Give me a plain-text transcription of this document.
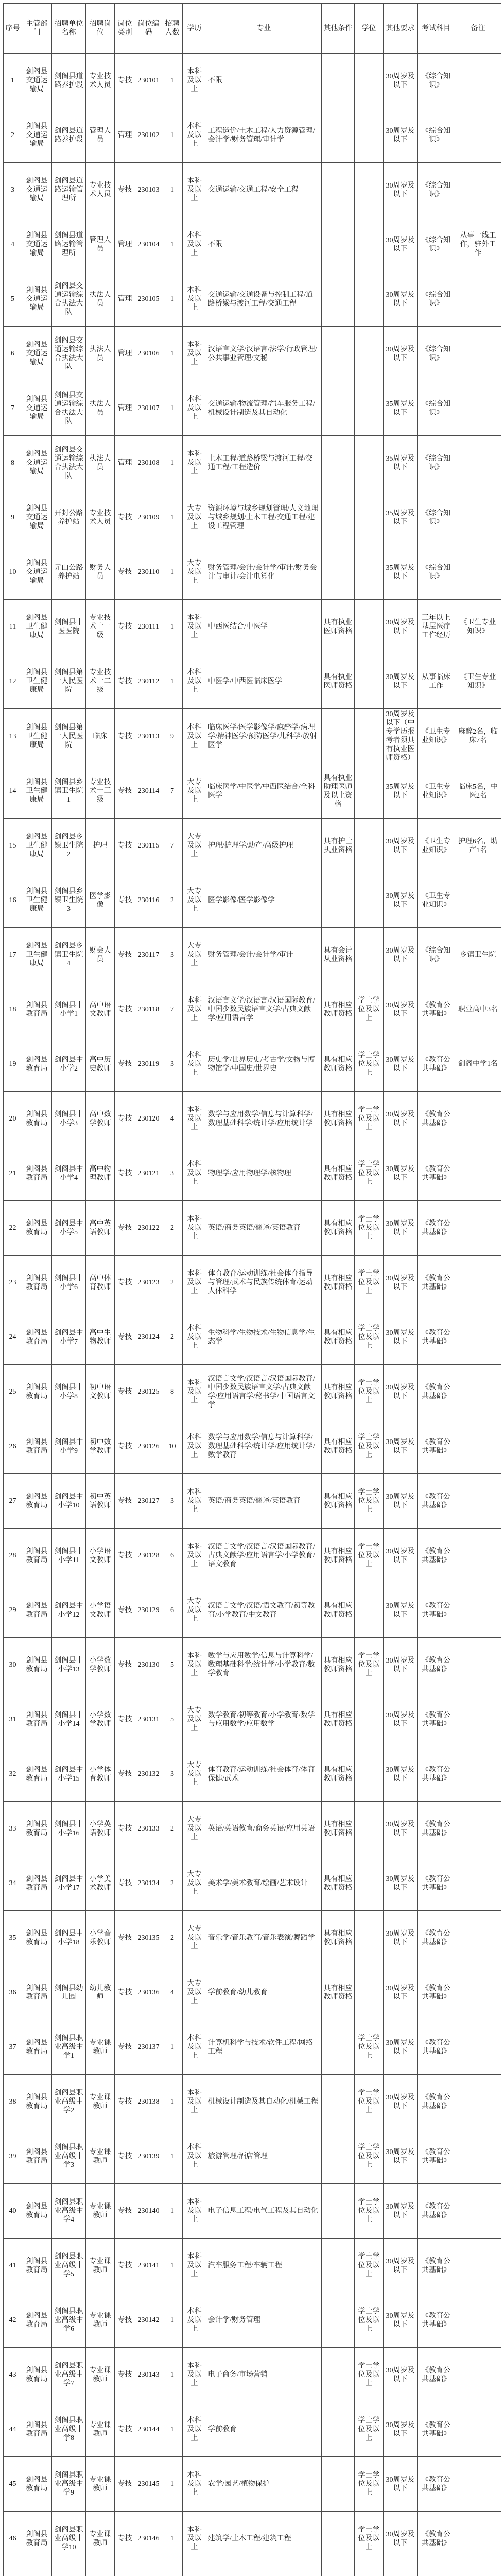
序号	主管部门	招聘单位名称	招聘岗位	岗位类别	岗位编码	招聘人数	学历	专业	其他条件	学位	其他要求	考试科目	备注
1	剑阁县交通运输局	剑阁县道路养护段	专业技术人员	专技	230101	1	本科及以上	不限			30周岁及以下	《综合知识》	
2	剑阁县交通运输局	剑阁县道路养护段	管理人员	管理	230102	1	本科及以上	工程造价/土木工程/人力资源管理/会计学/财务管理/审计学			30周岁及以下	《综合知识》	
3	剑阁县交通运输局	剑阁县道路运输管理所	专业技术人员	专技	230103	1	本科及以上	交通运输/交通工程/安全工程			30周岁及以下	《综合知识》	
4	剑阁县交通运输局	剑阁县道路运输管理所	管理人员	管理	230104	1	本科及以上	不限			30周岁及以下	《综合知识》	从事一线工作，驻外工作
5	剑阁县交通运输局	剑阁县交通运输综合执法大队	执法人员	管理	230105	1	本科及以上	交通运输/交通设备与控制工程/道路桥梁与渡河工程/交通工程			30周岁及以下	《综合知识》	
6	剑阁县交通运输局	剑阁县交通运输综合执法大队	执法人员	管理	230106	1	本科及以上	汉语言文学/汉语言/法学/行政管理/公共事业管理/文秘			30周岁及以下	《综合知识》	
7	剑阁县交通运输局	剑阁县交通运输综合执法大队	执法人员	管理	230107	1	本科及以上	交通运输/物流管理/汽车服务工程/机械设计制造及其自动化			35周岁及以下	《综合知识》	
8	剑阁县交通运输局	剑阁县交通运输综合执法大队	执法人员	管理	230108	1	本科及以上	土木工程/道路桥梁与渡河工程/交通工程/工程造价			35周岁及以下	《综合知识》	
9	剑阁县交通运输局	开封公路养护站	专业技术人员	专技	230109	1	大专及以上	资源环境与城乡规划管理/人文地理与城乡规划/土木工程/交通工程/建设工程管理			35周岁及以下	《综合知识》	
10	剑阁县交通运输局	元山公路养护站	财务人员	专技	230110	1	大专及以上	财务管理/会计/会计学/审计/财务会计与审计/会计电算化			35周岁及以下	《综合知识》	
11	剑阁县卫生健康局	剑阁县中医医院	专业技术十一级	专技	230111	1	本科及以上	中西医结合/中医学	具有执业医师资格		30周岁及以下	三年以上基层医疗工作经历	《卫生专业知识》
12	剑阁县卫生健康局	剑阁县第一人民医院	专业技术十二级	专技	230112	1	本科及以上	中医学/中西医临床医学	具有执业医师资格		30周岁及以下	从事临床工作	《卫生专业知识》
13	剑阁县卫生健康局	剑阁县第一人民医院	临床	专技	230113	9	本科及以上	临床医学/医学影像学/麻醉学/病理学/精神医学/预防医学/儿科学/放射医学			30周岁及以下（中专学历报考者须具有执业医师资格）	《卫生专业知识》	麻醉2名，临床7名
14	剑阁县卫生健康局	剑阁县乡镇卫生院1	专业技术十三级	专技	230114	7	大专及以上	临床医学/中医学/中西医结合/全科医学	具有执业助理医师及以上资格		35周岁及以下	《卫生专业知识》	临床5名，中医2名
15	剑阁县卫生健康局	剑阁县乡镇卫生院2	护理	专技	230115	7	大专及以上	护理/护理学/助产/高级护理	具有护士执业资格		30周岁及以下	《卫生专业知识》	护理6名，助产1名
16	剑阁县卫生健康局	剑阁县乡镇卫生院3	医学影像	专技	230116	2	大专及以上	医学影像/医学影像学			30周岁及以下	《卫生专业知识》	
17	剑阁县卫生健康局	剑阁县乡镇卫生院4	财会人员	专技	230117	3	大专及以上	财务管理/会计/会计学/审计	具有会计从业资格		30周岁及以下	《综合知识》	乡镇卫生院
18	剑阁县教育局	剑阁县中小学1	高中语文教师	专技	230118	7	本科及以上	汉语言文学/汉语言/汉语国际教育/中国少数民族语言文学/古典文献学/应用语言学	具有相应教师资格	学士学位及以上	30周岁及以下	《教育公共基础》	职业高中3名
19	剑阁县教育局	剑阁县中小学2	高中历史教师	专技	230119	3	本科及以上	历史学/世界历史/考古学/文物与博物馆学/中国史/世界史	具有相应教师资格	学士学位及以上	30周岁及以下	《教育公共基础》	剑阁中学1名
20	剑阁县教育局	剑阁县中小学3	高中数学教师	专技	230120	4	本科及以上	数学与应用数学/信息与计算科学/数理基础科学/统计学/应用统计学	具有相应教师资格	学士学位及以上	30周岁及以下	《教育公共基础》	
21	剑阁县教育局	剑阁县中小学4	高中物理教师	专技	230121	3	本科及以上	物理学/应用物理学/核物理	具有相应教师资格	学士学位及以上	30周岁及以下	《教育公共基础》	
22	剑阁县教育局	剑阁县中小学5	高中英语教师	专技	230122	2	本科及以上	英语/商务英语/翻译/英语教育	具有相应教师资格	学士学位及以上	30周岁及以下	《教育公共基础》	
23	剑阁县教育局	剑阁县中小学6	高中体育教师	专技	230123	2	本科及以上	体育教育/运动训练/社会体育指导与管理/武术与民族传统体育/运动人体科学	具有相应教师资格	学士学位及以上	30周岁及以下	《教育公共基础》	
24	剑阁县教育局	剑阁县中小学7	高中生物教师	专技	230124	2	本科及以上	生物科学/生物技术/生物信息学/生态学	具有相应教师资格	学士学位及以上	30周岁及以下	《教育公共基础》	
25	剑阁县教育局	剑阁县中小学8	初中语文教师	专技	230125	8	本科及以上	汉语言文学/汉语言/汉语国际教育/中国少数民族语言文学/古典文献学/应用语言学/秘书学/中国语言文学	具有相应教师资格	学士学位及以上	30周岁及以下	《教育公共基础》	
26	剑阁县教育局	剑阁县中小学9	初中数学教师	专技	230126	10	本科及以上	数学与应用数学/信息与计算科学/数理基础科学/统计学/应用统计学/数学教育	具有相应教师资格	学士学位及以上	30周岁及以下	《教育公共基础》	
27	剑阁县教育局	剑阁县中小学10	初中英语教师	专技	230127	3	本科及以上	英语/商务英语/翻译/英语教育	具有相应教师资格	学士学位及以上	30周岁及以下	《教育公共基础》	
28	剑阁县教育局	剑阁县中小学11	小学语文教师	专技	230128	6	本科及以上	汉语言文学/汉语言/汉语国际教育/古典文献学/应用语言学/小学教育/语文教育	具有相应教师资格	学士学位及以上	30周岁及以下	《教育公共基础》	
29	剑阁县教育局	剑阁县中小学12	小学语文教师	专技	230129	6	大专及以上	汉语言文学/汉语/语文教育/初等教育/小学教育/中文教育	具有相应教师资格		30周岁及以下	《教育公共基础》	
30	剑阁县教育局	剑阁县中小学13	小学数学教师	专技	230130	5	本科及以上	数学与应用数学/信息与计算科学/数理基础科学/统计学/小学教育/数学教育	具有相应教师资格	学士学位及以上	30周岁及以下	《教育公共基础》	
31	剑阁县教育局	剑阁县中小学14	小学数学教师	专技	230131	5	大专及以上	数学教育/初等教育/小学教育/数学与应用数学/应用数学	具有相应教师资格		30周岁及以下	《教育公共基础》	
32	剑阁县教育局	剑阁县中小学15	小学体育教师	专技	230132	3	大专及以上	体育教育/运动训练/社会体育/体育保健/武术	具有相应教师资格		30周岁及以下	《教育公共基础》	
33	剑阁县教育局	剑阁县中小学16	小学英语教师	专技	230133	2	大专及以上	英语/英语教育/商务英语/应用英语	具有相应教师资格		30周岁及以下	《教育公共基础》	
34	剑阁县教育局	剑阁县中小学17	小学美术教师	专技	230134	2	大专及以上	美术学/美术教育/绘画/艺术设计	具有相应教师资格		30周岁及以下	《教育公共基础》	
35	剑阁县教育局	剑阁县中小学18	小学音乐教师	专技	230135	2	大专及以上	音乐学/音乐教育/音乐表演/舞蹈学	具有相应教师资格		30周岁及以下	《教育公共基础》	
36	剑阁县教育局	剑阁县幼儿园	幼儿教师	专技	230136	4	大专及以上	学前教育/幼儿教育	具有相应教师资格		30周岁及以下	《教育公共基础》	
37	剑阁县教育局	剑阁县职业高级中学1	专业课教师	专技	230137	1	本科及以上	计算机科学与技术/软件工程/网络工程		学士学位及以上	30周岁及以下	《教育公共基础》	
38	剑阁县教育局	剑阁县职业高级中学2	专业课教师	专技	230138	1	本科及以上	机械设计制造及其自动化/机械工程		学士学位及以上	30周岁及以下	《教育公共基础》	
39	剑阁县教育局	剑阁县职业高级中学3	专业课教师	专技	230139	1	本科及以上	旅游管理/酒店管理		学士学位及以上	30周岁及以下	《教育公共基础》	
40	剑阁县教育局	剑阁县职业高级中学4	专业课教师	专技	230140	1	本科及以上	电子信息工程/电气工程及其自动化		学士学位及以上	30周岁及以下	《教育公共基础》	
41	剑阁县教育局	剑阁县职业高级中学5	专业课教师	专技	230141	1	本科及以上	汽车服务工程/车辆工程		学士学位及以上	30周岁及以下	《教育公共基础》	
42	剑阁县教育局	剑阁县职业高级中学6	专业课教师	专技	230142	1	本科及以上	会计学/财务管理		学士学位及以上	30周岁及以下	《教育公共基础》	
43	剑阁县教育局	剑阁县职业高级中学7	专业课教师	专技	230143	1	本科及以上	电子商务/市场营销		学士学位及以上	30周岁及以下	《教育公共基础》	
44	剑阁县教育局	剑阁县职业高级中学8	专业课教师	专技	230144	1	本科及以上	学前教育		学士学位及以上	30周岁及以下	《教育公共基础》	
45	剑阁县教育局	剑阁县职业高级中学9	专业课教师	专技	230145	1	本科及以上	农学/园艺/植物保护		学士学位及以上	30周岁及以下	《教育公共基础》	
46	剑阁县教育局	剑阁县职业高级中学10	专业课教师	专技	230146	1	本科及以上	建筑学/土木工程/建筑工程		学士学位及以上	30周岁及以下	《教育公共基础》	
